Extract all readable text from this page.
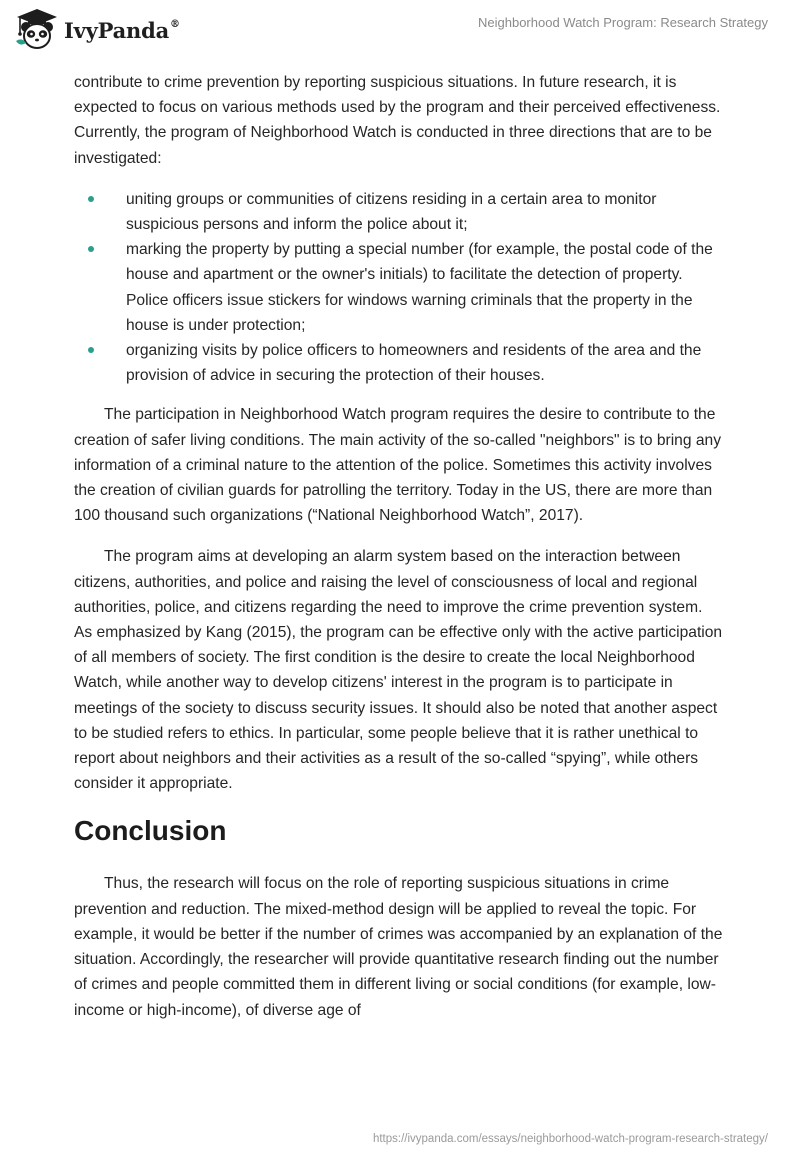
IvyPanda®	Neighborhood Watch Program: Research Strategy

contribute to crime prevention by reporting suspicious situations. In future research, it is expected to focus on various methods used by the program and their perceived effectiveness. Currently, the program of Neighborhood Watch is conducted in three directions that are to be investigated:

uniting groups or communities of citizens residing in a certain area to monitor suspicious persons and inform the police about it;
marking the property by putting a special number (for example, the postal code of the house and apartment or the owner's initials) to facilitate the detection of property. Police officers issue stickers for windows warning criminals that the property in the house is under protection;
organizing visits by police officers to homeowners and residents of the area and the provision of advice in securing the protection of their houses.

The participation in Neighborhood Watch program requires the desire to contribute to the creation of safer living conditions. The main activity of the so-called "neighbors" is to bring any information of a criminal nature to the attention of the police. Sometimes this activity involves the creation of civilian guards for patrolling the territory. Today in the US, there are more than 100 thousand such organizations (“National Neighborhood Watch”, 2017).

The program aims at developing an alarm system based on the interaction between citizens, authorities, and police and raising the level of consciousness of local and regional authorities, police, and citizens regarding the need to improve the crime prevention system. As emphasized by Kang (2015), the program can be effective only with the active participation of all members of society. The first condition is the desire to create the local Neighborhood Watch, while another way to develop citizens' interest in the program is to participate in meetings of the society to discuss security issues. It should also be noted that another aspect to be studied refers to ethics. In particular, some people believe that it is rather unethical to report about neighbors and their activities as a result of the so-called “spying”, while others consider it appropriate.

Conclusion

Thus, the research will focus on the role of reporting suspicious situations in crime prevention and reduction. The mixed-method design will be applied to reveal the topic. For example, it would be better if the number of crimes was accompanied by an explanation of the situation. Accordingly, the researcher will provide quantitative research finding out the number of crimes and people committed them in different living or social conditions (for example, low-income or high-income), of diverse age of

https://ivypanda.com/essays/neighborhood-watch-program-research-strategy/
